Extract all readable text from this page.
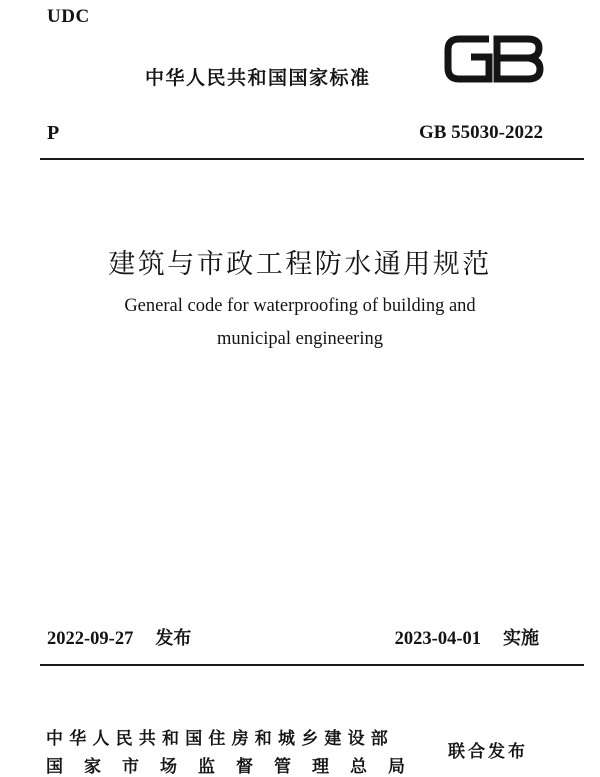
UDC
中华人民共和国国家标准
P	GB 55030-2022
建筑与市政工程防水通用规范
General code for waterproofing of building and
municipal engineering
2022-09-27 发布	2023-04-01 实施
中华人民共和国住房和城乡建设部
国家市场监督管理总局
联合发布
